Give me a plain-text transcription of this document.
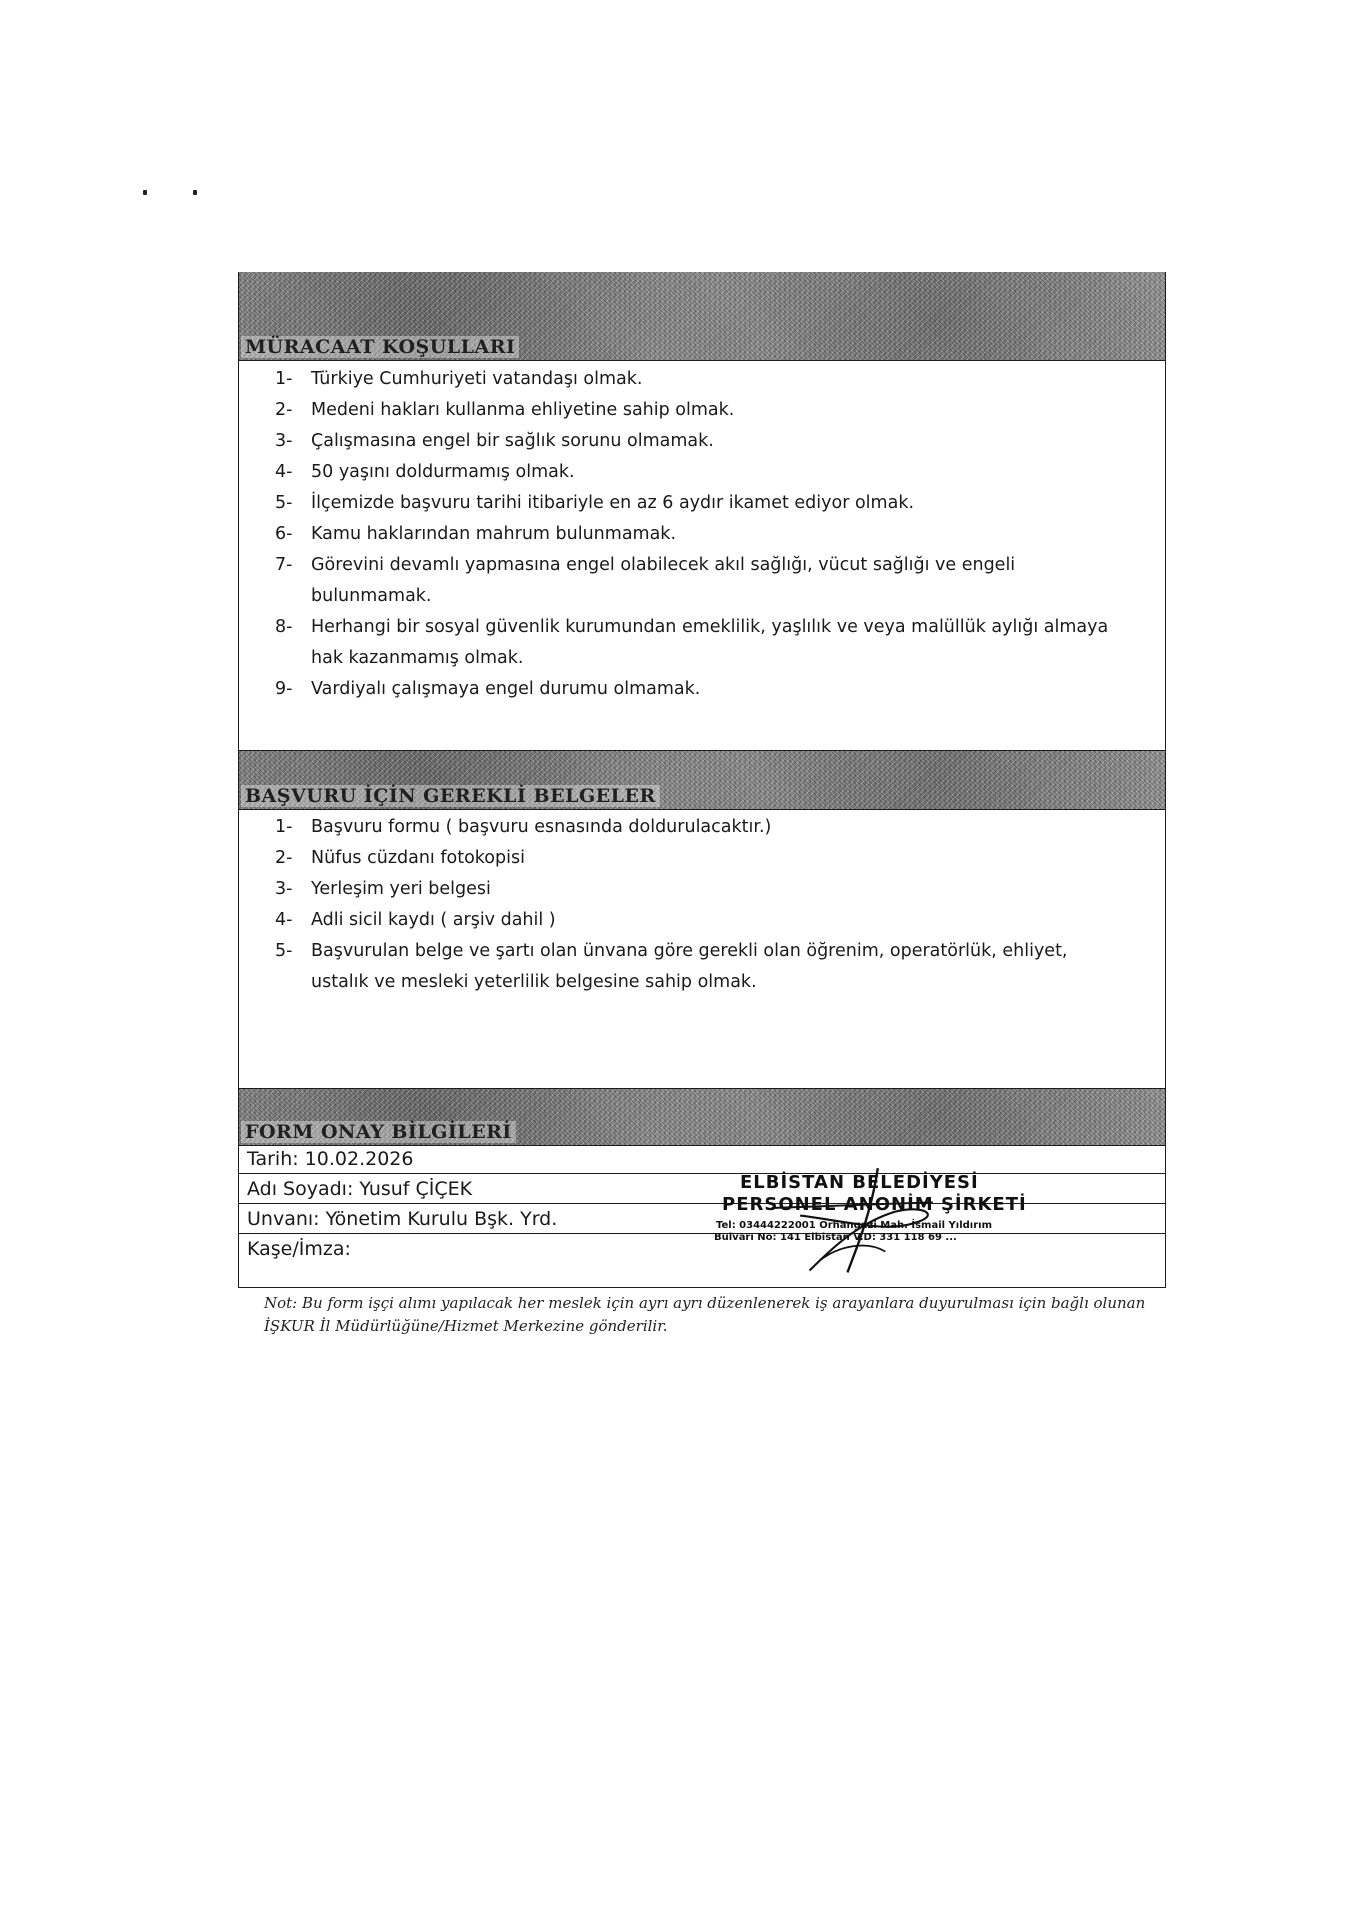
MÜRACAAT KOŞULLARI
1- Türkiye Cumhuriyeti vatandaşı olmak.
2- Medeni hakları kullanma ehliyetine sahip olmak.
3- Çalışmasına engel bir sağlık sorunu olmamak.
4- 50 yaşını doldurmamış olmak.
5- İlçemizde başvuru tarihi itibariyle en az 6 aydır ikamet ediyor olmak.
6- Kamu haklarından mahrum bulunmamak.
7- Görevini devamlı yapmasına engel olabilecek akıl sağlığı, vücut sağlığı ve engeli bulunmamak.
8- Herhangi bir sosyal güvenlik kurumundan emeklilik, yaşlılık ve veya malüllük aylığı almaya hak kazanmamış olmak.
9- Vardiyalı çalışmaya engel durumu olmamak.
BAŞVURU İÇİN GEREKLİ BELGELER
1- Başvuru formu ( başvuru esnasında doldurulacaktır.)
2- Nüfus cüzdanı fotokopisi
3- Yerleşim yeri belgesi
4- Adli sicil kaydı ( arşiv dahil )
5- Başvurulan belge ve şartı olan ünvana göre gerekli olan öğrenim, operatörlük, ehliyet, ustalık ve mesleki yeterlilik belgesine sahip olmak.
FORM ONAY BİLGİLERİ
Tarih: 10.02.2026
Adı Soyadı: Yusuf ÇİÇEK
Unvanı: Yönetim Kurulu Bşk. Yrd.
Kaşe/İmza:
ELBİSTAN BELEDİYESİ
PERSONEL ANONİM ŞİRKETİ
Tel: 03444222001 Orhangazi Mah. İsmail Yıldırım
Bulvarı No: 141 Elbistan V.D: 331 118 69 ...
Not: Bu form işçi alımı yapılacak her meslek için ayrı ayrı düzenlenerek iş arayanlara duyurulması için bağlı olunan İŞKUR İl Müdürlüğüne/Hizmet Merkezine gönderilir.
